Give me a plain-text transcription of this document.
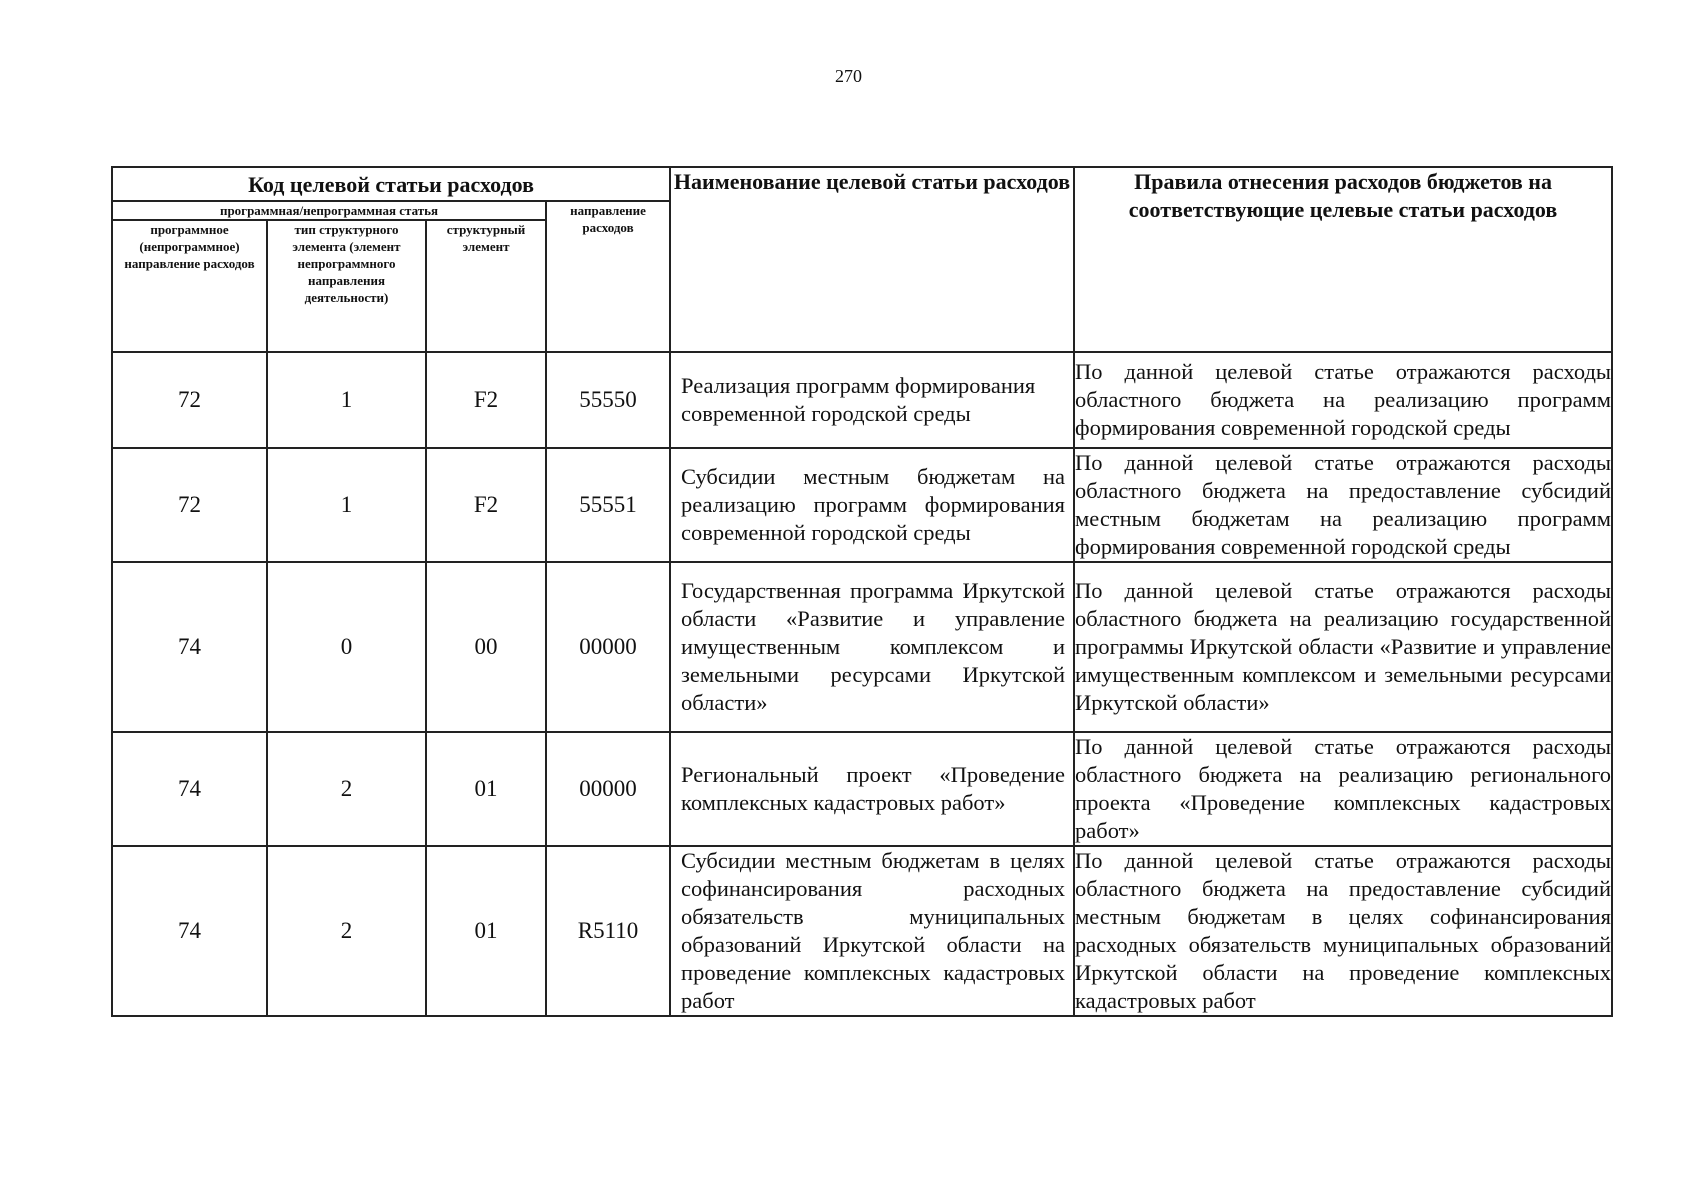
270
Код целевой статьи расходов				Наименование целевой статьи расходов	Правила отнесения расходов бюджетов на соответствующие целевые статьи расходов
программная/непрограммная статья			направление расходов		
программное (непрограммное) направление расходов	тип структурного элемента (элемент непрограммного направления деятельности)	структурный элемент			
72	1	F2	55550	Реализация программ формирования современной городской среды	По данной целевой статье отражаются расходы областного бюджета на реализацию программ формирования современной городской среды
72	1	F2	55551	Субсидии местным бюджетам на реализацию программ формирования современной городской среды	По данной целевой статье отражаются расходы областного бюджета на предоставление субсидий местным бюджетам на реализацию программ формирования современной городской среды
74	0	00	00000	Государственная программа Иркутской области «Развитие и управление имущественным комплексом и земельными ресурсами Иркутской области»	По данной целевой статье отражаются расходы областного бюджета на реализацию государственной программы Иркутской области «Развитие и управление имущественным комплексом и земельными ресурсами Иркутской области»
74	2	01	00000	Региональный проект «Проведение комплексных кадастровых работ»	По данной целевой статье отражаются расходы областного бюджета на реализацию регионального проекта «Проведение комплексных кадастровых работ»
74	2	01	R5110	Субсидии местным бюджетам в целях софинансирования расходных обязательств муниципальных образований Иркутской области на проведение комплексных кадастровых работ	По данной целевой статье отражаются расходы областного бюджета на предоставление субсидий местным бюджетам в целях софинансирования расходных обязательств муниципальных образований Иркутской области на проведение комплексных кадастровых работ
